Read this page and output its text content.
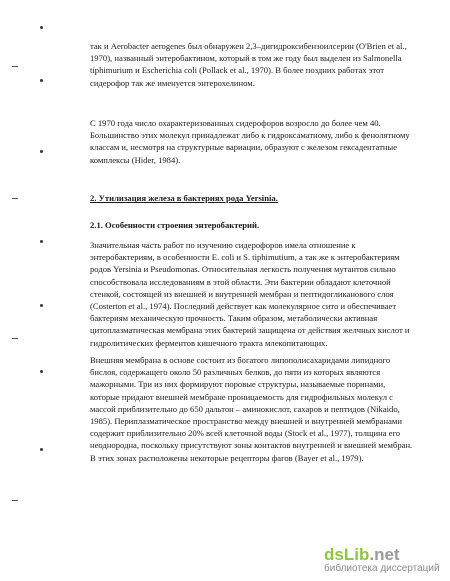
так и Aerobacter aerogenes был обнаружен 2,3–дигидроксибензоилсерин (O'Brien et al.,
1970), названный энтеробактином, который в том же году был выделен из Salmonella
tiphimurium и Escherichia coli (Pollack et al., 1970). В более поздних работах этот
сидерофор так же именуется энтерохелином.
С 1970 года число охарактеризованных сидерофоров возросло до более чем 40.
Большинство этих молекул принадлежат либо к гидроксаматному, либо к фенолятному
классам и, несмотря на структурные вариации, образуют с железом гексадентатные
комплексы (Hider, 1984).
2. Утилизация железа в бактериях рода Yersinia.
2.1. Особенности строения энтеробактерий.
Значительная часть работ по изучению сидерофоров имела отношение к
энтеробактериям, в особенности E. coli и S. tiphimutium, а так же к энтеробактериям
родов Yersinia и Pseudomonas. Относительная легкость получения мутантов сильно
способствовала исследованиям в этой области. Эти бактерии обладают клеточной
стенкой, состоящей из внешней и внутренней мембран и пептидогликанового слоя
(Costerton et al., 1974). Последний действует как молекулярное сито и обеспечивает
бактериям механическую прочность. Таким образом, метаболически активная
цитоплазматическая мембрана этих бактерий защищена от действия желчных кислот и
гидролитических ферментов кишечного тракта млекопитающих.
Внешняя мембрана в основе состоит из богатого липополисахаридами липидного
бислоя, содержащего около 50 различных белков, до пяти из которых являются
мажорными. Три из них формируют поровые структуры, называемые поринами,
которые придают внешней мембране проницаемость для гидрофильных молекул с
массой приблизительно до 650 дальтон – аминокислот, сахаров и пептидов (Nikaido,
1985). Периплазматическое пространство между внешней и внутренней мембранами
содержит приблизительно 20% всей клеточной воды (Stock et al., 1977), толщина его
неоднородна, поскольку присутствуют зоны контактов внутренней и внешней мембран.
В этих зонах расположены некоторые рецепторы фагов (Bayer et al., 1979).
dsLib.net
библиотека диссертаций
